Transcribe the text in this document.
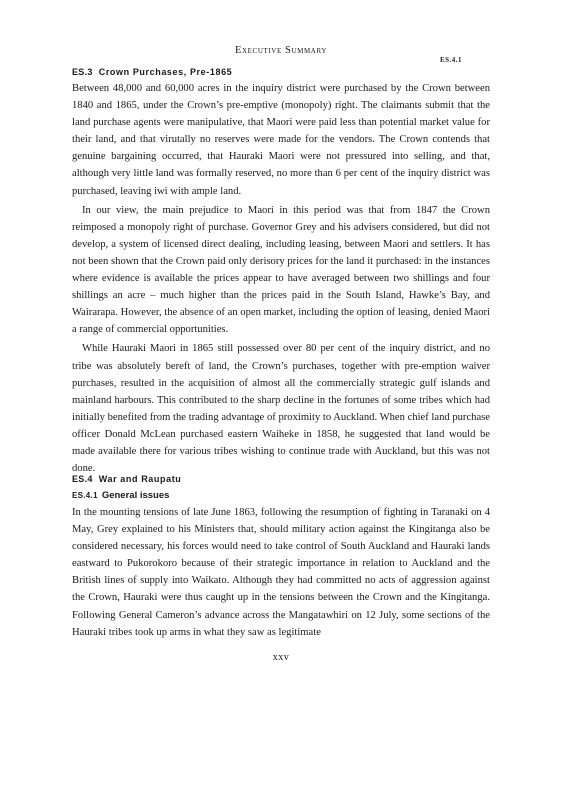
Executive Summary
ES.4.1
ES.3 Crown Purchases, Pre-1865

Between 48,000 and 60,000 acres in the inquiry district were purchased by the Crown between 1840 and 1865, under the Crown’s pre-emptive (monopoly) right. The claimants submit that the land purchase agents were manipulative, that Maori were paid less than potential market value for their land, and that virutally no reserves were made for the vendors. The Crown contends that genuine bargaining occurred, that Hauraki Maori were not pressured into selling, and that, although very little land was formally reserved, no more than 6 per cent of the inquiry district was purchased, leaving iwi with ample land.

In our view, the main prejudice to Maori in this period was that from 1847 the Crown reimposed a monopoly right of purchase. Governor Grey and his advisers considered, but did not develop, a system of licensed direct dealing, including leasing, between Maori and settlers. It has not been shown that the Crown paid only derisory prices for the land it purchased: in the instances where evidence is available the prices appear to have averaged between two shillings and four shillings an acre – much higher than the prices paid in the South Island, Hawke’s Bay, and Wairarapa. However, the absence of an open market, including the option of leasing, denied Maori a range of commercial opportunities.

While Hauraki Maori in 1865 still possessed over 80 per cent of the inquiry district, and no tribe was absolutely bereft of land, the Crown’s purchases, together with pre-emption waiver purchases, resulted in the acquisition of almost all the commercially strategic gulf islands and mainland harbours. This contributed to the sharp decline in the fortunes of some tribes which had initially benefited from the trading advantage of proximity to Auckland. When chief land purchase officer Donald McLean purchased eastern Waiheke in 1858, he suggested that land would be made available there for various tribes wishing to continue trade with Auckland, but this was not done.

ES.4 War and Raupatu
ES.4.1 General issues

In the mounting tensions of late June 1863, following the resumption of fighting in Taranaki on 4 May, Grey explained to his Ministers that, should military action against the Kingitanga also be considered necessary, his forces would need to take control of South Auckland and Hauraki lands eastward to Pukorokoro because of their strategic importance in relation to Auckland and the British lines of supply into Waikato. Although they had committed no acts of aggression against the Crown, Hauraki were thus caught up in the tensions between the Crown and the Kingitanga. Following General Cameron’s advance across the Mangatawhiri on 12 July, some sections of the Hauraki tribes took up arms in what they saw as legitimate

xxv
